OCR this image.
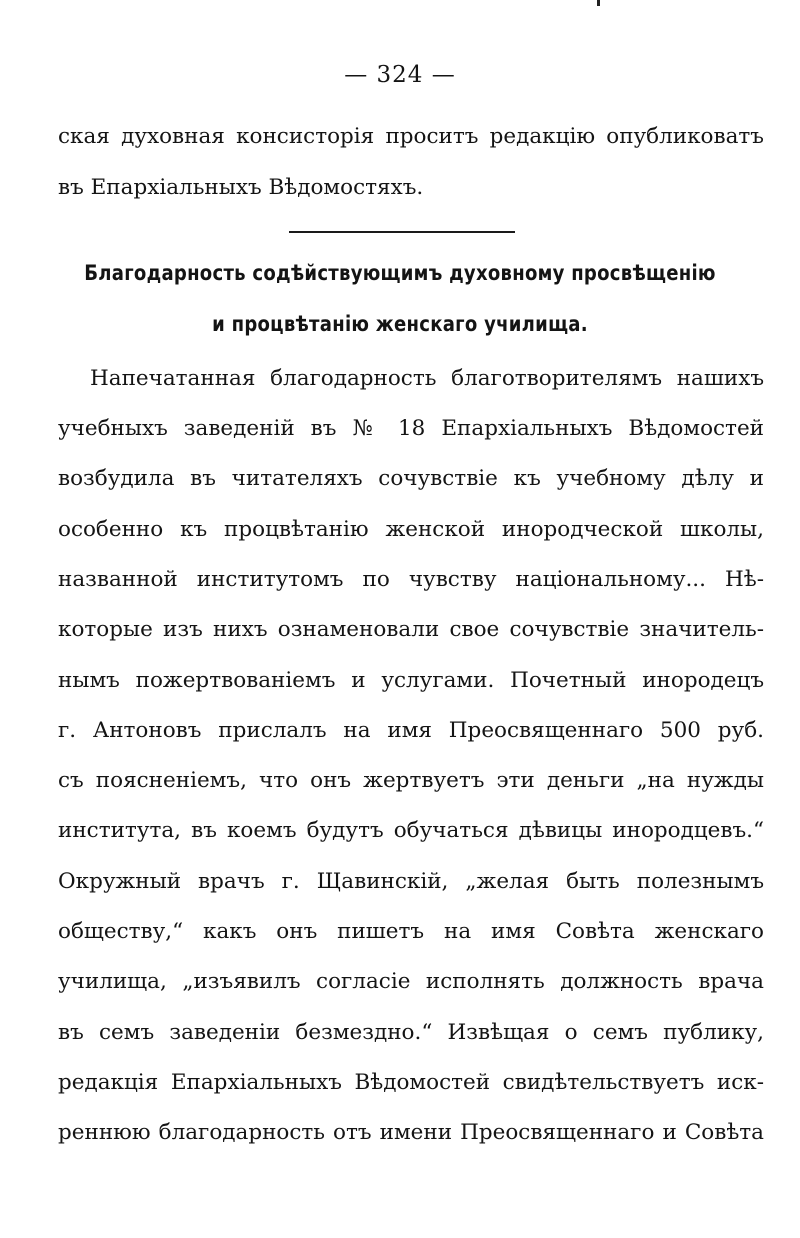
— 324 —
ская духовная консисторія проситъ редакцію опубликоватъ
въ Епархіальныхъ Вѣдомостяхъ.
Благодарность содѣйствующимъ духовному просвѣщенію
и процвѣтанію женскаго училища.
Напечатанная благодарность благотворителямъ нашихъ
учебныхъ заведеній въ № 18 Епархіальныхъ Вѣдомостей
возбудила въ читателяхъ сочувствіе къ учебному дѣлу и
особенно къ процвѣтанію женской инородческой школы,
названной институтомъ по чувству національному... Нѣ-
которые изъ нихъ ознаменовали свое сочувствіе значитель-
нымъ пожертвованіемъ и услугами. Почетный инородецъ
г. Антоновъ прислалъ на имя Преосвященнаго 500 руб.
съ поясненіемъ, что онъ жертвуетъ эти деньги „на нужды
института, въ коемъ будутъ обучаться дѣвицы инородцевъ.“
Окружный врачъ г. Щавинскій, „желая быть полезнымъ
обществу,“ какъ онъ пишетъ на имя Совѣта женскаго
училища, „изъявилъ согласіе исполнять должность врача
въ семъ заведеніи безмездно.“ Извѣщая о семъ публику,
редакція Епархіальныхъ Вѣдомостей свидѣтельствуетъ иск-
реннюю благодарность отъ имени Преосвященнаго и Совѣта
